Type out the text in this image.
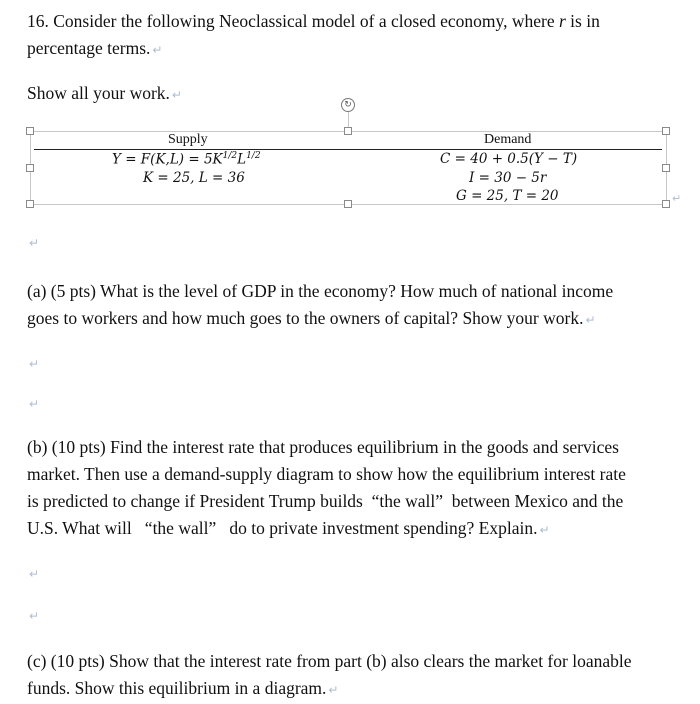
16. Consider the following Neoclassical model of a closed economy, where r is in
percentage terms. ↵
Show all your work. ↵
↻
↵
Supply
$Y = F(K,L) = 5K^{1/2}L^{1/2}$
K = 25, L = 36
Demand
C = 40 + 0.5(Y − T)
I = 30 − 5r
G = 25, T = 20
↵
(a) (5 pts) What is the level of GDP in the economy? How much of national income
goes to workers and how much goes to the owners of capital? Show your work. ↵
↵
↵
(b) (10 pts) Find the interest rate that produces equilibrium in the goods and services
market. Then use a demand-supply diagram to show how the equilibrium interest rate
is predicted to change if President Trump builds  “the wall”  between Mexico and the
U.S. What will   “the wall”   do to private investment spending? Explain. ↵
↵
↵
(c) (10 pts) Show that the interest rate from part (b) also clears the market for loanable
funds. Show this equilibrium in a diagram. ↵
